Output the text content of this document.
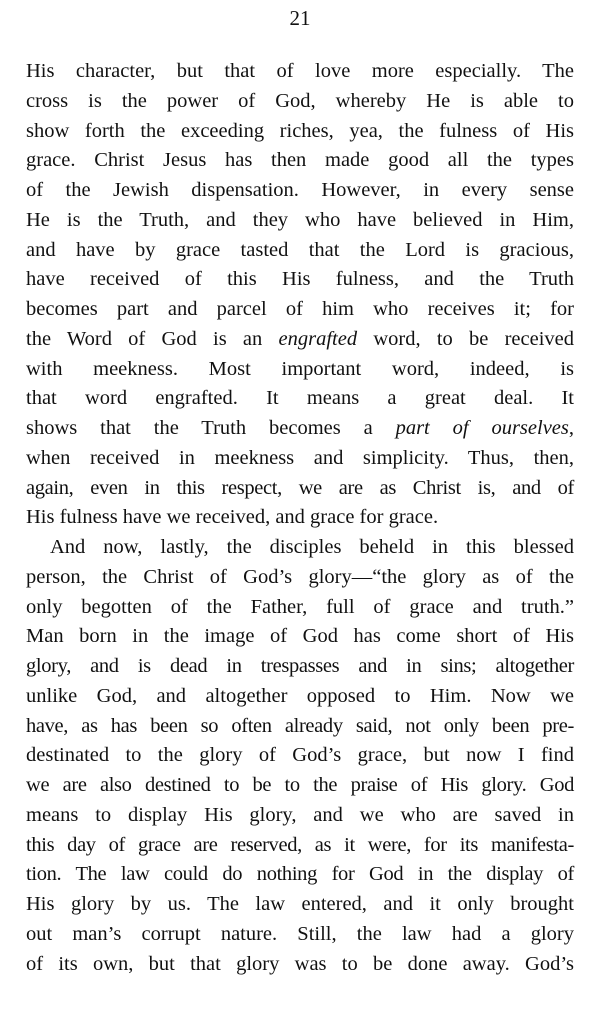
21
His character, but that of love more especially. The
cross is the power of God, whereby He is able to
show forth the exceeding riches, yea, the fulness of His
grace. Christ Jesus has then made good all the types
of the Jewish dispensation. However, in every sense
He is the Truth, and they who have believed in Him,
and have by grace tasted that the Lord is gracious,
have received of this His fulness, and the Truth
becomes part and parcel of him who receives it; for
the Word of God is an engrafted word, to be received
with meekness. Most important word, indeed, is
that word engrafted. It means a great deal. It
shows that the Truth becomes a part of ourselves,
when received in meekness and simplicity. Thus, then,
again, even in this respect, we are as Christ is, and of
His fulness have we received, and grace for grace.
And now, lastly, the disciples beheld in this blessed
person, the Christ of God’s glory—“the glory as of the
only begotten of the Father, full of grace and truth.”
Man born in the image of God has come short of His
glory, and is dead in trespasses and in sins; altogether
unlike God, and altogether opposed to Him. Now we
have, as has been so often already said, not only been pre-
destinated to the glory of God’s grace, but now I find
we are also destined to be to the praise of His glory. God
means to display His glory, and we who are saved in
this day of grace are reserved, as it were, for its manifesta-
tion. The law could do nothing for God in the display of
His glory by us. The law entered, and it only brought
out man’s corrupt nature. Still, the law had a glory
of its own, but that glory was to be done away. God’s
